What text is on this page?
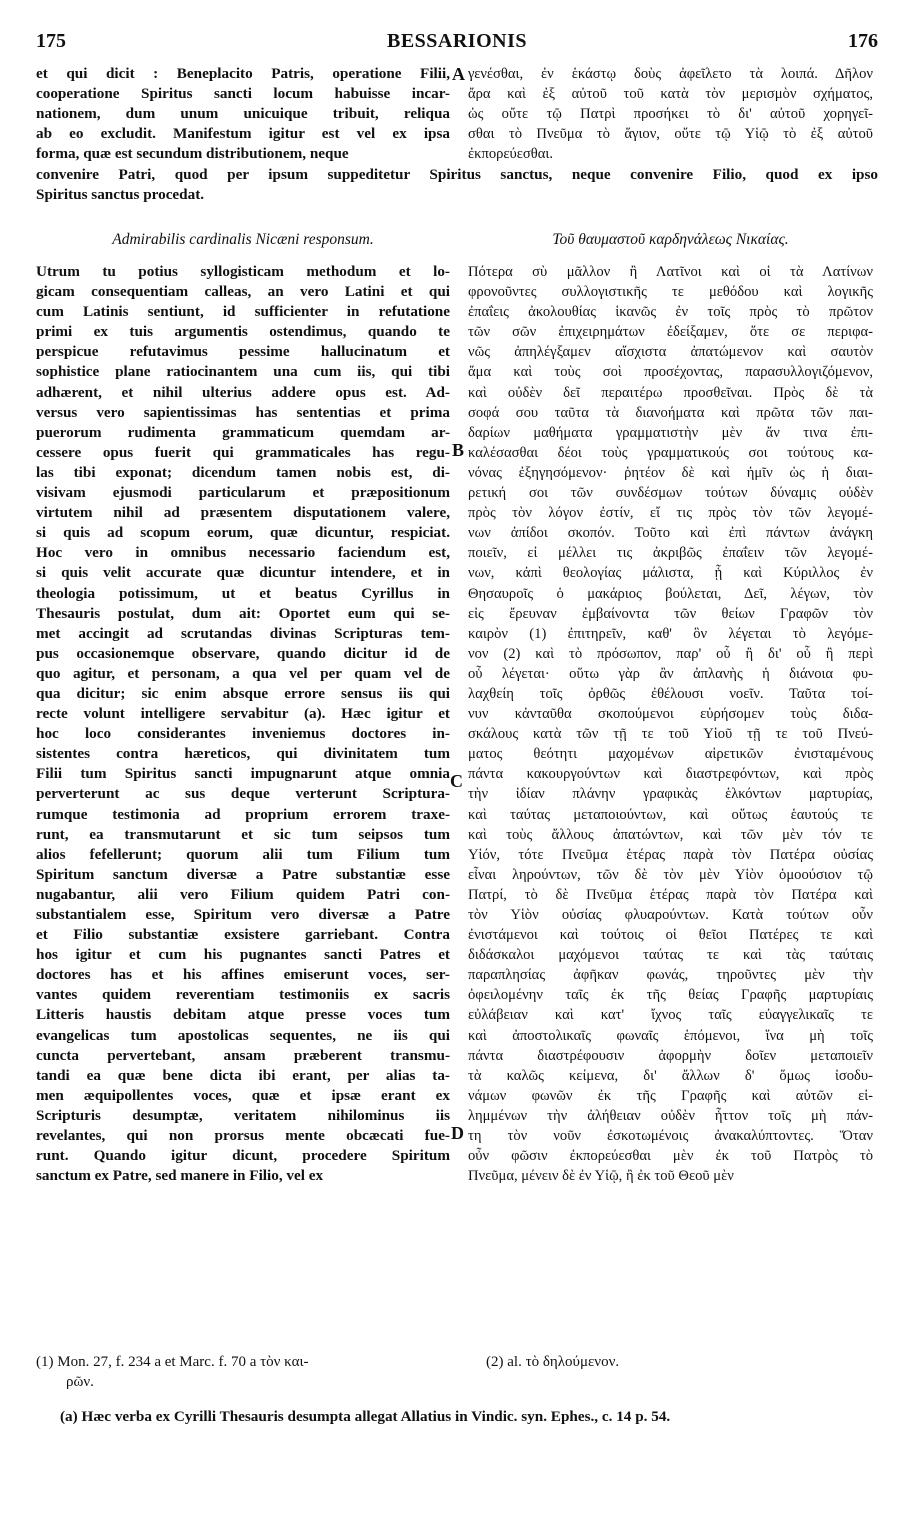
175	BESSARIONIS	176
et qui dicit : Beneplacito Patris, operatione Filii,
cooperatione Spiritus sancti locum habuisse incar-
nationem, dum unum unicuique tribuit, reliqua
ab eo excludit. Manifestum igitur est vel ex ipsa
forma, quæ est secundum distributionem, neque
γενέσθαι, ἐν ἑκάστῳ δοὺς ἀφεῖλετο τὰ λοιπά. Δῆλον
ἄρα καὶ ἐξ αὐτοῦ τοῦ κατὰ τὸν μερισμὸν σχήματος,
ὡς οὔτε τῷ Πατρὶ προσήκει τὸ δι' αὐτοῦ χορηγεῖ-
σθαι τὸ Πνεῦμα τὸ ἅγιον, οὔτε τῷ Υἱῷ τὸ ἐξ αὐτοῦ
ἐκπορεύεσθαι.
A
convenire Patri, quod per ipsum suppeditetur Spiritus sanctus, neque convenire Filio, quod ex ipso
Spiritus sanctus procedat.
Admirabilis cardinalis Nicæni responsum.	Τοῦ θαυμαστοῦ καρδηνάλεως Νικαίας.
Utrum tu potius syllogisticam methodum et lo-
gicam consequentiam calleas, an vero Latini et qui
cum Latinis sentiunt, id sufficienter in refutatione
primi ex tuis argumentis ostendimus, quando te
perspicue refutavimus pessime hallucinatum et
sophistice plane ratiocinantem una cum iis, qui tibi
adhærent, et nihil ulterius addere opus est. Ad-
versus vero sapientissimas has sententias et prima
puerorum rudimenta grammaticum quemdam ar-
cessere opus fuerit qui grammaticales has regu-
las tibi exponat; dicendum tamen nobis est, di-
visivam ejusmodi particularum et præpositionum
virtutem nihil ad præsentem disputationem valere,
si quis ad scopum eorum, quæ dicuntur, respiciat.
Hoc vero in omnibus necessario faciendum est,
si quis velit accurate quæ dicuntur intendere, et in
theologia potissimum, ut et beatus Cyrillus in
Thesauris postulat, dum ait: Oportet eum qui se-
met accingit ad scrutandas divinas Scripturas tem-
pus occasionemque observare, quando dicitur id de
quo agitur, et personam, a qua vel per quam vel de
qua dicitur; sic enim absque errore sensus iis qui
recte volunt intelligere servabitur (a). Hæc igitur et
hoc loco considerantes inveniemus doctores in-
sistentes contra hæreticos, qui divinitatem tum
Filii tum Spiritus sancti impugnarunt atque omnia
perverterunt ac sus deque verterunt Scriptura-
rumque testimonia ad proprium errorem traxe-
runt, ea transmutarunt et sic tum seipsos tum
alios fefellerunt; quorum alii tum Filium tum
Spiritum sanctum diversæ a Patre substantiæ esse
nugabantur, alii vero Filium quidem Patri con-
substantialem esse, Spiritum vero diversæ a Patre
et Filio substantiæ exsistere garriebant. Contra
hos igitur et cum his pugnantes sancti Patres et
doctores has et his affines emiserunt voces, ser-
vantes quidem reverentiam testimoniis ex sacris
Litteris haustis debitam atque presse voces tum
evangelicas tum apostolicas sequentes, ne iis qui
cuncta pervertebant, ansam præberent transmu-
tandi ea quæ bene dicta ibi erant, per alias ta-
men æquipollentes voces, quæ et ipsæ erant ex
Scripturis desumptæ, veritatem nihilominus iis
revelantes, qui non prorsus mente obcæcati fue-
runt. Quando igitur dicunt, procedere Spiritum
sanctum ex Patre, sed manere in Filio, vel ex
Πότερα σὺ μᾶλλον ἢ Λατῖνοι καὶ οἱ τὰ Λατίνων
φρονοῦντες συλλογιστικῆς τε μεθόδου καὶ λογικῆς
ἐπαΐεις ἀκολουθίας ἱκανῶς ἐν τοῖς πρὸς τὸ πρῶτον
τῶν σῶν ἐπιχειρημάτων ἐδείξαμεν, ὅτε σε περιφα-
νῶς ἀπηλέγξαμεν αἴσχιστα ἀπατώμενον καὶ σαυτὸν
ἅμα καὶ τοὺς σοὶ προσέχοντας, παρασυλλογιζόμενον,
καὶ οὐδὲν δεῖ περαιτέρω προσθεῖναι. Πρὸς δὲ τὰ
σοφά σου ταῦτα τὰ διανοήματα καὶ πρῶτα τῶν παι-
δαρίων μαθήματα γραμματιστὴν μὲν ἄν τινα ἐπι-
καλέσασθαι δέοι τοὺς γραμματικούς σοι τούτους κα-
νόνας ἐξηγησόμενον· ῥητέον δὲ καὶ ἡμῖν ὡς ἡ διαι-
ρετική σοι τῶν συνδέσμων τούτων δύναμις οὐδὲν
πρὸς τὸν λόγον ἐστίν, εἴ τις πρὸς τὸν τῶν λεγομέ-
νων ἀπίδοι σκοπόν. Τοῦτο καὶ ἐπὶ πάντων ἀνάγκη
ποιεῖν, εἰ μέλλει τις ἀκριβῶς ἐπαΐειν τῶν λεγομέ-
νων, κἀπὶ θεολογίας μάλιστα, ᾗ καὶ Κύριλλος ἐν
Θησαυροῖς ὁ μακάριος βούλεται, Δεῖ, λέγων, τὸν
εἰς ἔρευναν ἐμβαίνοντα τῶν θείων Γραφῶν τὸν
καιρὸν (1) ἐπιτηρεῖν, καθ' ὃν λέγεται τὸ λεγόμε-
νον (2) καὶ τὸ πρόσωπον, παρ' οὗ ἢ δι' οὗ ἢ περὶ
οὗ λέγεται· οὕτω γὰρ ἂν ἀπλανὴς ἡ διάνοια φυ-
λαχθείη τοῖς ὀρθῶς ἐθέλουσι νοεῖν. Ταῦτα τοί-
νυν κἀνταῦθα σκοπούμενοι εὑρήσομεν τοὺς διδα-
σκάλους κατὰ τῶν τῇ τε τοῦ Υἱοῦ τῇ τε τοῦ Πνεύ-
ματος θεότητι μαχομένων αἱρετικῶν ἐνισταμένους
πάντα κακουργούντων καὶ διαστρεφόντων, καὶ πρὸς
τὴν ἰδίαν πλάνην γραφικὰς ἑλκόντων μαρτυρίας,
καὶ ταύτας μεταποιούντων, καὶ οὕτως ἑαυτούς τε
καὶ τοὺς ἄλλους ἀπατώντων, καὶ τῶν μὲν τόν τε
Υἱόν, τότε Πνεῦμα ἑτέρας παρὰ τὸν Πατέρα οὐσίας
εἶναι ληρούντων, τῶν δὲ τὸν μὲν Υἱὸν ὁμοούσιον τῷ
Πατρί, τὸ δὲ Πνεῦμα ἑτέρας παρὰ τὸν Πατέρα καὶ
τὸν Υἱὸν οὐσίας φλυαρούντων. Κατὰ τούτων οὖν
ἐνιστάμενοι καὶ τούτοις οἱ θεῖοι Πατέρες τε καὶ
διδάσκαλοι μαχόμενοι ταύτας τε καὶ τὰς ταύταις
παραπλησίας ἀφῆκαν φωνάς, τηροῦντες μὲν τὴν
ὀφειλομένην ταῖς ἐκ τῆς θείας Γραφῆς μαρτυρίαις
εὐλάβειαν καὶ κατ' ἴχνος ταῖς εὐαγγελικαῖς τε
καὶ ἀποστολικαῖς φωναῖς ἑπόμενοι, ἵνα μὴ τοῖς
πάντα διαστρέφουσιν ἀφορμὴν δοῖεν μεταποιεῖν
τὰ καλῶς κείμενα, δι' ἄλλων δ' ὅμως ἰσοδυ-
νάμων φωνῶν ἐκ τῆς Γραφῆς καὶ αὐτῶν εἰ-
λημμένων τὴν ἀλήθειαν οὐδὲν ἧττον τοῖς μὴ πάν-
τη τὸν νοῦν ἐσκοτωμένοις ἀνακαλύπτοντες. Ὅταν
οὖν φῶσιν ἐκπορεύεσθαι μὲν ἐκ τοῦ Πατρὸς τὸ
Πνεῦμα, μένειν δὲ ἐν Υἱῷ, ἢ ἐκ τοῦ Θεοῦ μὲν
B
C
D
(1) Mon. 27, f. 234 a et Marc. f. 70 a τὸν και-
ρῶν.
(2) al. τὸ δηλούμενον.
(a) Hæc verba ex Cyrilli Thesauris desumpta allegat Allatius in Vindic. syn. Ephes., c. 14 p. 54.
